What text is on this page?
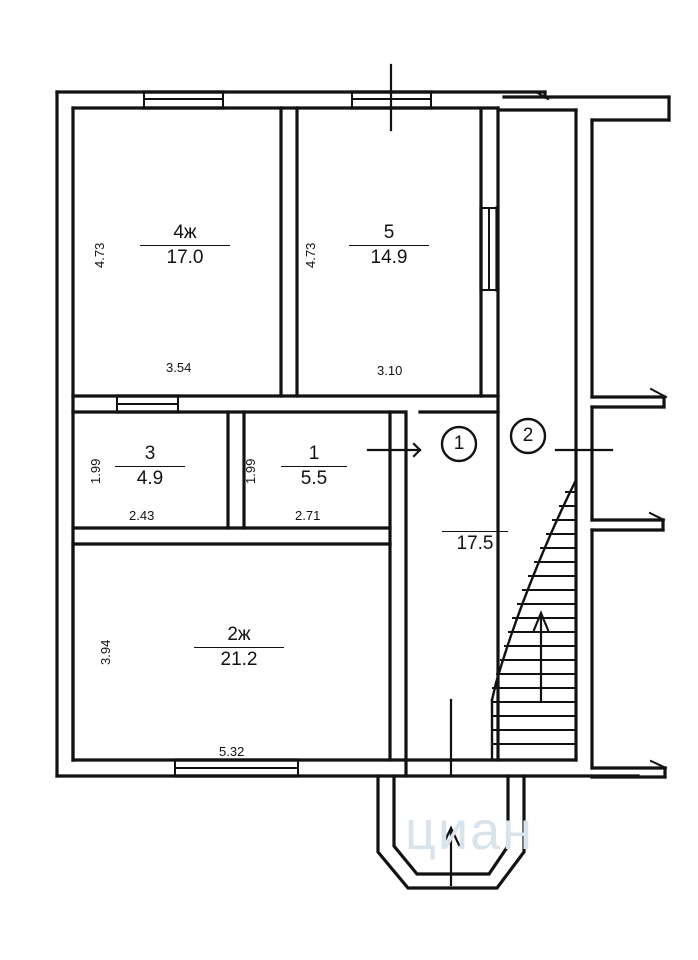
4ж
17.0
5
14.9
3
4.9
1
5.5
2ж
21.2
17.5
3.54	3.10
2.43	2.71
5.32
4.73	4.73
1.99	1.99
3.94
1	2
циан
